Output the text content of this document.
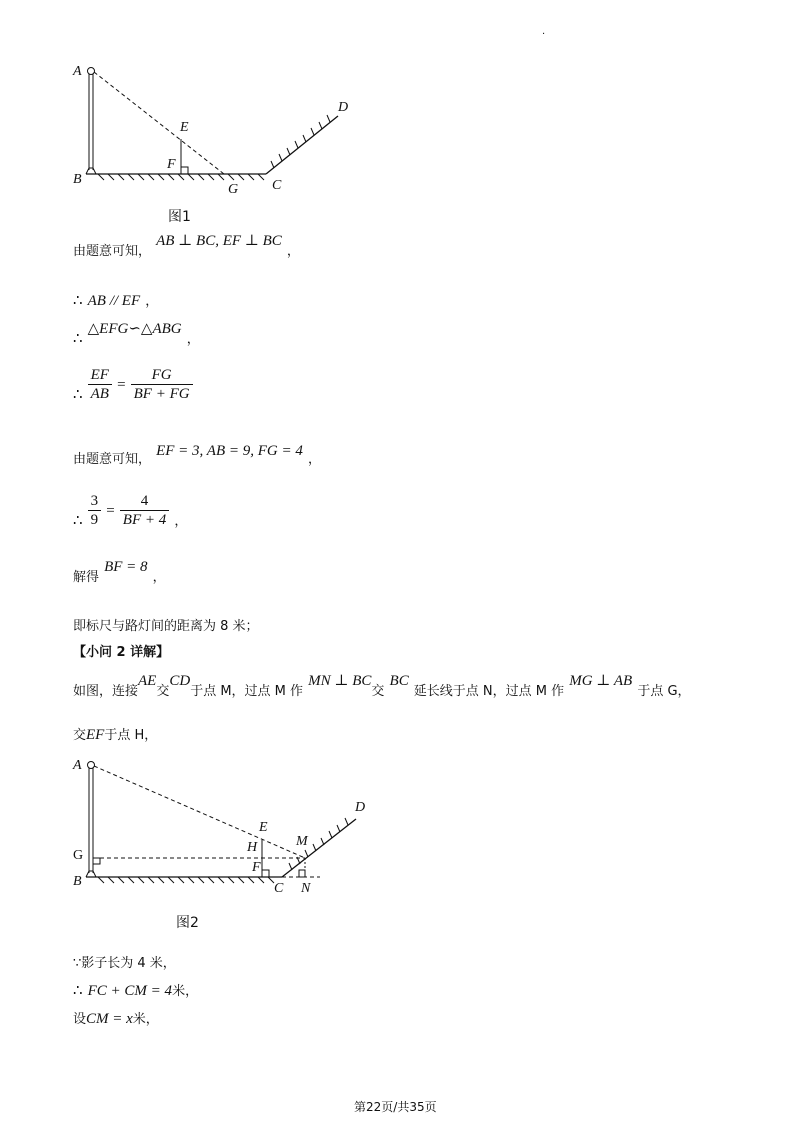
.
A
B	C
D
E
F
G
图1
由题意可知， AB ⊥ BC, EF ⊥ BC ，
∴ AB // EF ，
∴ △EFG∽△ABG $_,$
∴ $\frac{EF}{AB} = \frac{FG}{BF + FG}$
由题意可知， EF = 3, AB = 9, FG = 4 ，
∴ $\frac{3}{9} = \frac{4}{BF + 4} _,$
解得 BF = 8 ，
即标尺与路灯间的距离为 8 米；
【小问 2 详解】
如图，连接AE交CD于点 M，过点 M 作 MN ⊥ BC交 BC 延长线于点 N，过点 M 作 MG ⊥ AB 于点 G，
交EF于点 H，
A
G
B
E
H
F
C
M
N
D
图2
∵影子长为 4 米，
∴ FC + CM = 4米，
设CM = x米，
第22页/共35页
